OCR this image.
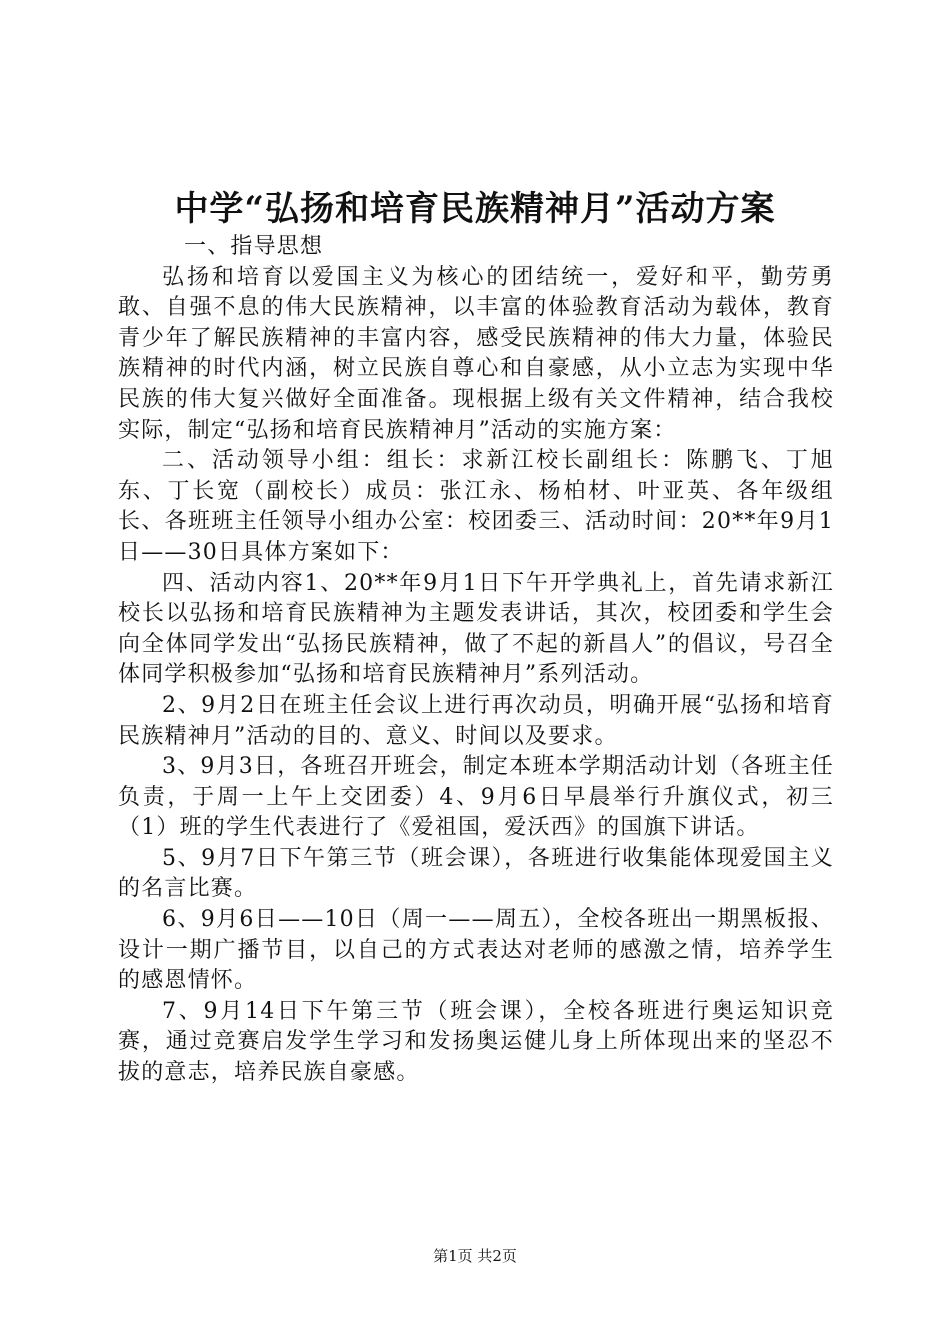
中学“弘扬和培育民族精神月”活动方案

一、指导思想

弘扬和培育以爱国主义为核心的团结统一，爱好和平，勤劳勇敢、自强不息的伟大民族精神，以丰富的体验教育活动为载体，教育青少年了解民族精神的丰富内容，感受民族精神的伟大力量，体验民族精神的时代内涵，树立民族自尊心和自豪感，从小立志为实现中华民族的伟大复兴做好全面准备。现根据上级有关文件精神，结合我校实际，制定“弘扬和培育民族精神月”活动的实施方案：

二、活动领导小组：组长：求新江校长副组长：陈鹏飞、丁旭东、丁长宽（副校长）成员：张江永、杨柏材、叶亚英、各年级组长、各班班主任领导小组办公室：校团委三、活动时间：20**年9月1日——30日具体方案如下：

四、活动内容1、20**年9月1日下午开学典礼上，首先请求新江校长以弘扬和培育民族精神为主题发表讲话，其次，校团委和学生会向全体同学发出“弘扬民族精神，做了不起的新昌人”的倡议，号召全体同学积极参加“弘扬和培育民族精神月”系列活动。

2、9月2日在班主任会议上进行再次动员，明确开展“弘扬和培育民族精神月”活动的目的、意义、时间以及要求。

3、9月3日，各班召开班会，制定本班本学期活动计划（各班主任负责，于周一上午上交团委）4、9月6日早晨举行升旗仪式，初三（1）班的学生代表进行了《爱祖国，爱沃西》的国旗下讲话。

5、9月7日下午第三节（班会课），各班进行收集能体现爱国主义的名言比赛。

6、9月6日——10日（周一——周五），全校各班出一期黑板报、设计一期广播节目，以自己的方式表达对老师的感激之情，培养学生的感恩情怀。

7、9月14日下午第三节（班会课），全校各班进行奥运知识竞赛，通过竞赛启发学生学习和发扬奥运健儿身上所体现出来的坚忍不拔的意志，培养民族自豪感。

第1页 共2页
